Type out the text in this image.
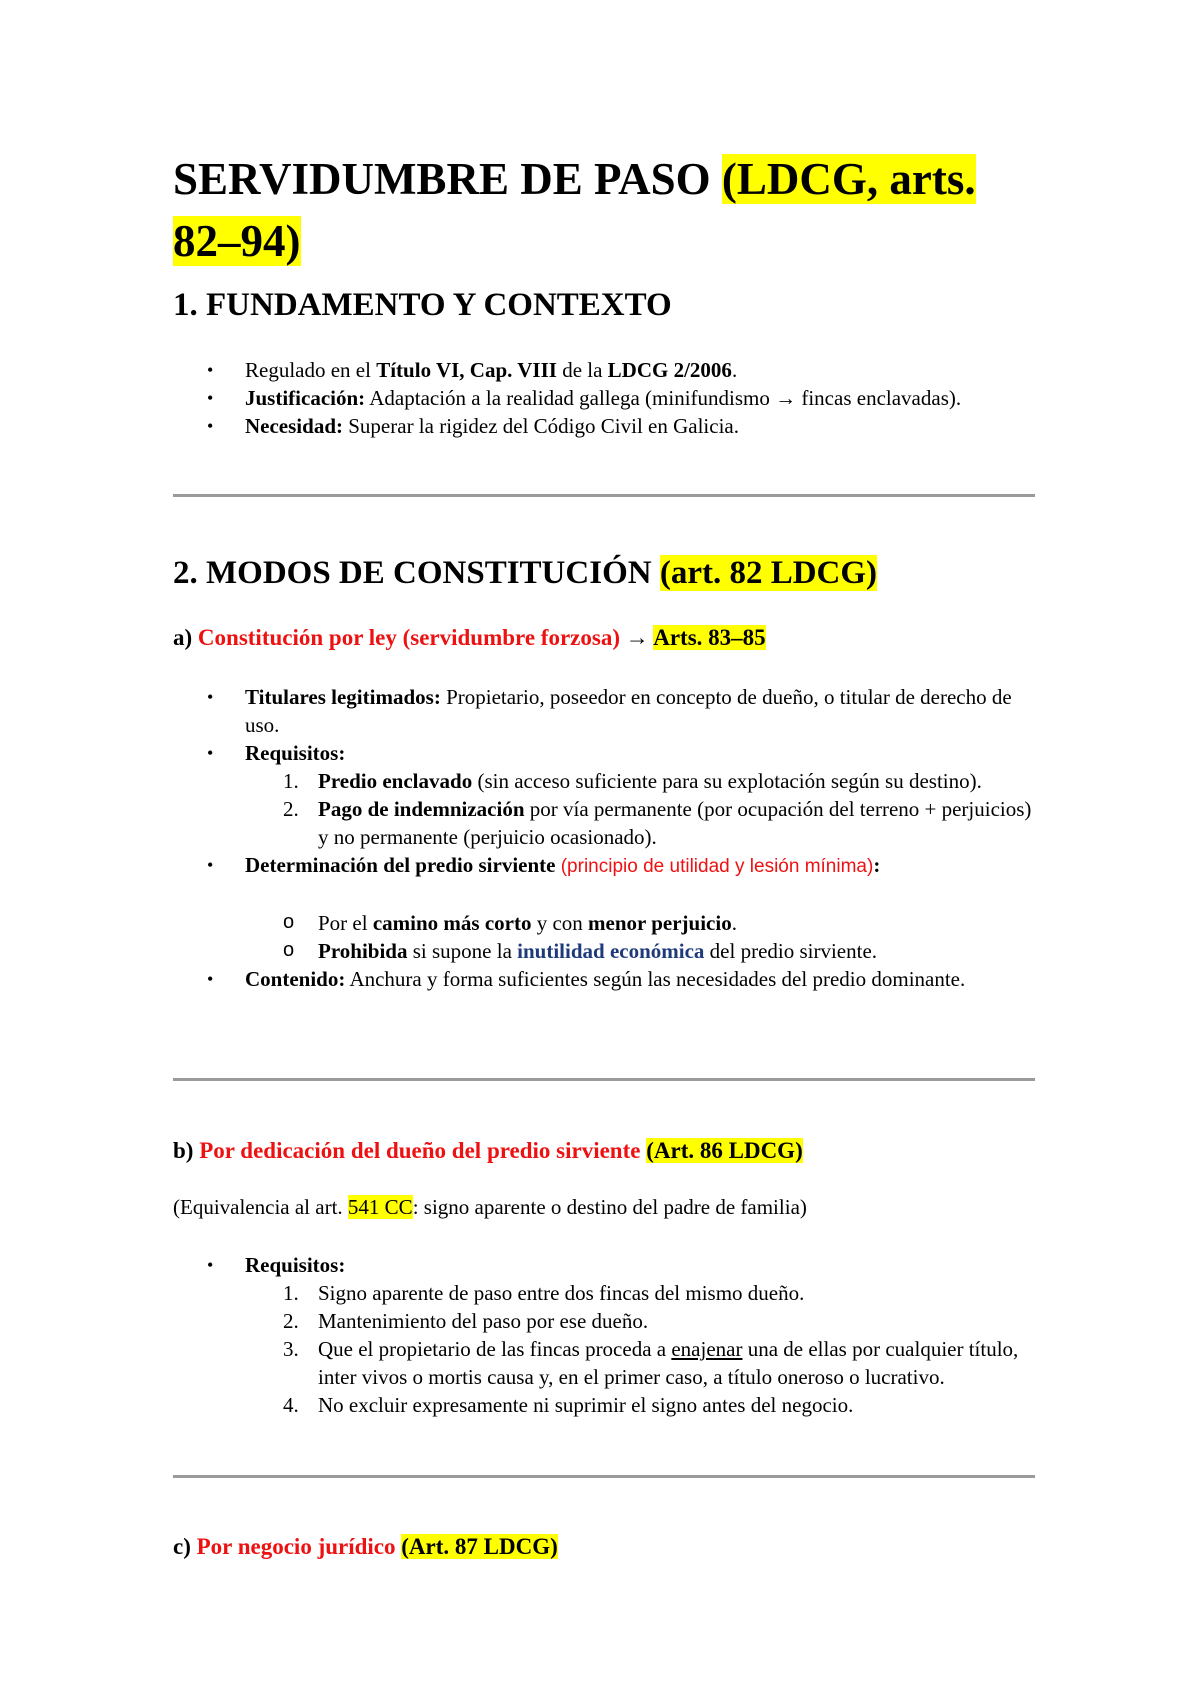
SERVIDUMBRE DE PASO (LDCG, arts. 82–94)
1. FUNDAMENTO Y CONTEXTO
• Regulado en el Título VI, Cap. VIII de la LDCG 2/2006.
• Justificación: Adaptación a la realidad gallega (minifundismo → fincas enclavadas).
• Necesidad: Superar la rigidez del Código Civil en Galicia.
2. MODOS DE CONSTITUCIÓN (art. 82 LDCG)
a) Constitución por ley (servidumbre forzosa) → Arts. 83–85
• Titulares legitimados: Propietario, poseedor en concepto de dueño, o titular de derecho de uso.
• Requisitos:
1. Predio enclavado (sin acceso suficiente para su explotación según su destino).
2. Pago de indemnización por vía permanente (por ocupación del terreno + perjuicios) y no permanente (perjuicio ocasionado).
• Determinación del predio sirviente (principio de utilidad y lesión mínima):
o Por el camino más corto y con menor perjuicio.
o Prohibida si supone la inutilidad económica del predio sirviente.
• Contenido: Anchura y forma suficientes según las necesidades del predio dominante.
b) Por dedicación del dueño del predio sirviente (Art. 86 LDCG)
(Equivalencia al art. 541 CC: signo aparente o destino del padre de familia)
• Requisitos:
1. Signo aparente de paso entre dos fincas del mismo dueño.
2. Mantenimiento del paso por ese dueño.
3. Que el propietario de las fincas proceda a enajenar una de ellas por cualquier título, inter vivos o mortis causa y, en el primer caso, a título oneroso o lucrativo.
4. No excluir expresamente ni suprimir el signo antes del negocio.
c) Por negocio jurídico (Art. 87 LDCG)
